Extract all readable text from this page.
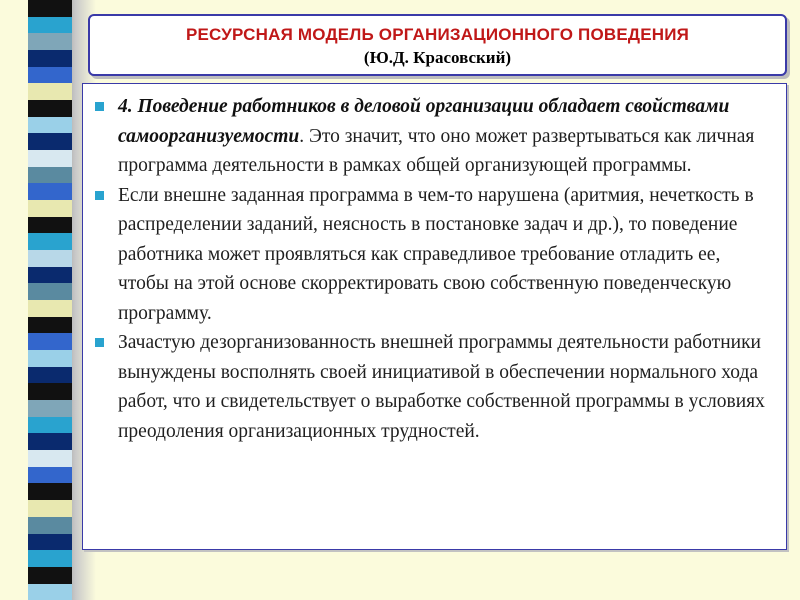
РЕСУРСНАЯ МОДЕЛЬ ОРГАНИЗАЦИОННОГО ПОВЕДЕНИЯ
(Ю.Д. Красовский)
4. Поведение работников в деловой организации обладает свойствами самоорганизуемости. Это значит, что оно может развертываться как личная программа деятельности в рамках общей организующей программы.
Если внешне заданная программа в чем-то нарушена (аритмия, нечеткость в распределении заданий, неясность в постановке задач и др.), то поведение работника может проявляться как справедливое требование отладить ее, чтобы на этой основе скорректировать свою собственную поведенческую программу.
Зачастую дезорганизованность внешней программы деятельности работники вынуждены восполнять своей инициативой в обеспечении нормального хода работ, что и свидетельствует о выработке собственной программы в условиях преодоления организационных трудностей.
